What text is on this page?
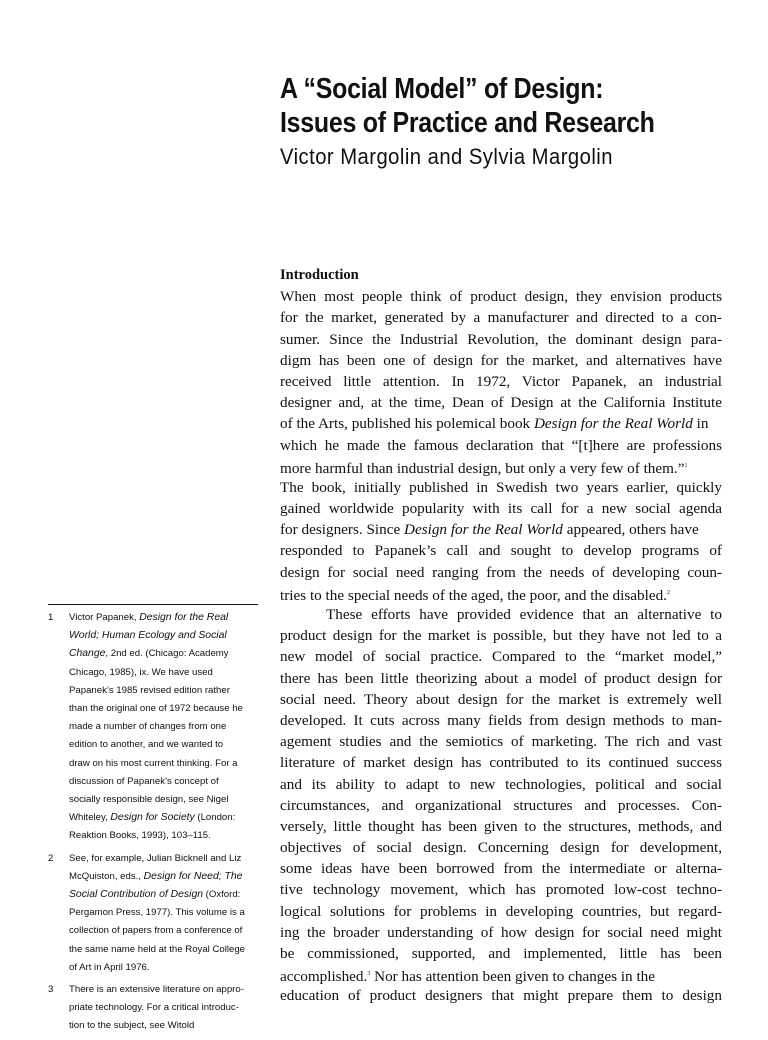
A “Social Model” of Design:
Issues of Practice and Research
Victor Margolin and Sylvia Margolin
Introduction
When most people think of product design, they envision products
for the market, generated by a manufacturer and directed to a con-
sumer. Since the Industrial Revolution, the dominant design para-
digm has been one of design for the market, and alternatives have
received little attention. In 1972, Victor Papanek, an industrial
designer and, at the time, Dean of Design at the California Institute
of the Arts, published his polemical book Design for the Real World in
which he made the famous declaration that “[t]here are professions
more harmful than industrial design, but only a very few of them.”$^1$
The book, initially published in Swedish two years earlier, quickly
gained worldwide popularity with its call for a new social agenda
for designers. Since Design for the Real World appeared, others have
responded to Papanek’s call and sought to develop programs of
design for social need ranging from the needs of developing coun-
tries to the special needs of the aged, the poor, and the disabled.$^2$
These efforts have provided evidence that an alternative to
product design for the market is possible, but they have not led to a
new model of social practice. Compared to the “market model,”
there has been little theorizing about a model of product design for
social need. Theory about design for the market is extremely well
developed. It cuts across many fields from design methods to man-
agement studies and the semiotics of marketing. The rich and vast
literature of market design has contributed to its continued success
and its ability to adapt to new technologies, political and social
circumstances, and organizational structures and processes. Con-
versely, little thought has been given to the structures, methods, and
objectives of social design. Concerning design for development,
some ideas have been borrowed from the intermediate or alterna-
tive technology movement, which has promoted low-cost techno-
logical solutions for problems in developing countries, but regard-
ing the broader understanding of how design for social need might
be commissioned, supported, and implemented, little has been
accomplished.$^3$ Nor has attention been given to changes in the
education of product designers that might prepare them to design
1 Victor Papanek, Design for the Real
World; Human Ecology and Social
Change, 2nd ed. (Chicago: Academy
Chicago, 1985), ix. We have used
Papanek’s 1985 revised edition rather
than the original one of 1972 because he
made a number of changes from one
edition to another, and we wanted to
draw on his most current thinking. For a
discussion of Papanek’s concept of
socially responsible design, see Nigel
Whiteley, Design for Society (London:
Reaktion Books, 1993), 103–115.
2 See, for example, Julian Bicknell and Liz
McQuiston, eds., Design for Need; The
Social Contribution of Design (Oxford:
Pergamon Press, 1977). This volume is a
collection of papers from a conference of
the same name held at the Royal College
of Art in April 1976.
3 There is an extensive literature on appro-
priate technology. For a critical introduc-
tion to the subject, see Witold
